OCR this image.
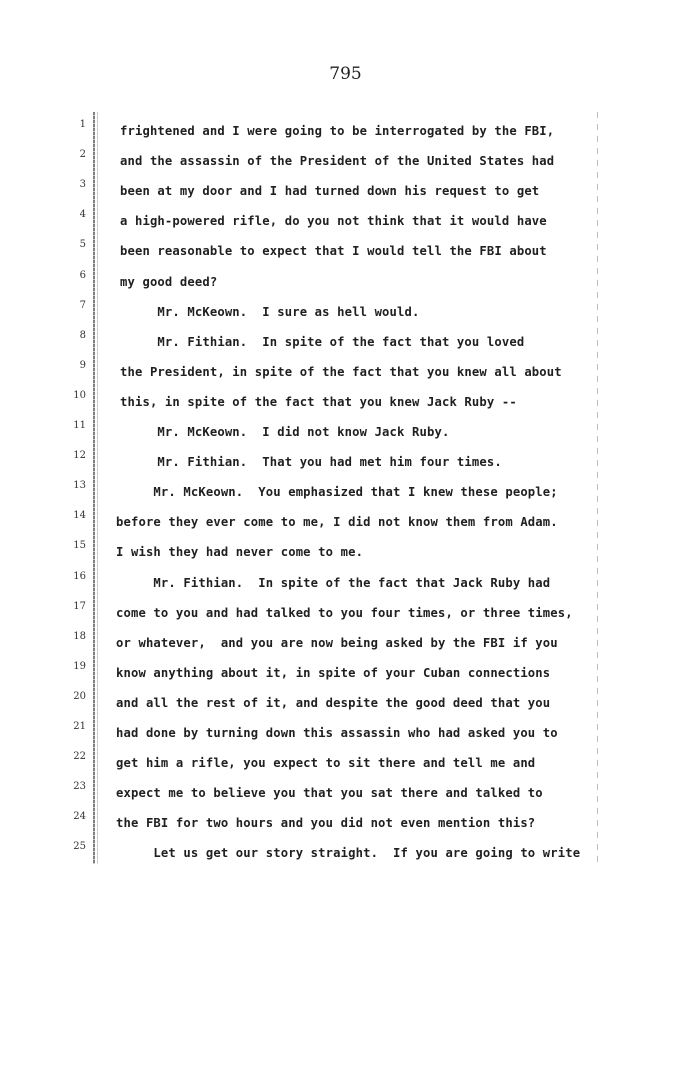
795
1	frightened and I were going to be interrogated by the FBI,
2	and the assassin of the President of the United States had
3	been at my door and I had turned down his request to get
4	a high-powered rifle, do you not think that it would have
5	been reasonable to expect that I would tell the FBI about
6	my good deed?
7	Mr. McKeown.  I sure as hell would.
8	Mr. Fithian.  In spite of the fact that you loved
9	the President, in spite of the fact that you knew all about
10	this, in spite of the fact that you knew Jack Ruby --
11	Mr. McKeown.  I did not know Jack Ruby.
12	Mr. Fithian.  That you had met him four times.
13 Mr. McKeown.  You emphasized that I knew these people;
14 before they ever come to me, I did not know them from Adam.
15 I wish they had never come to me.
16 Mr. Fithian.  In spite of the fact that Jack Ruby had
17 come to you and had talked to you four times, or three times,
18 or whatever,  and you are now being asked by the FBI if you
19 know anything about it, in spite of your Cuban connections
20 and all the rest of it, and despite the good deed that you
21 had done by turning down this assassin who had asked you to
22 get him a rifle, you expect to sit there and tell me and
23 expect me to believe you that you sat there and talked to
24 the FBI for two hours and you did not even mention this?
25 Let us get our story straight.  If you are going to write
